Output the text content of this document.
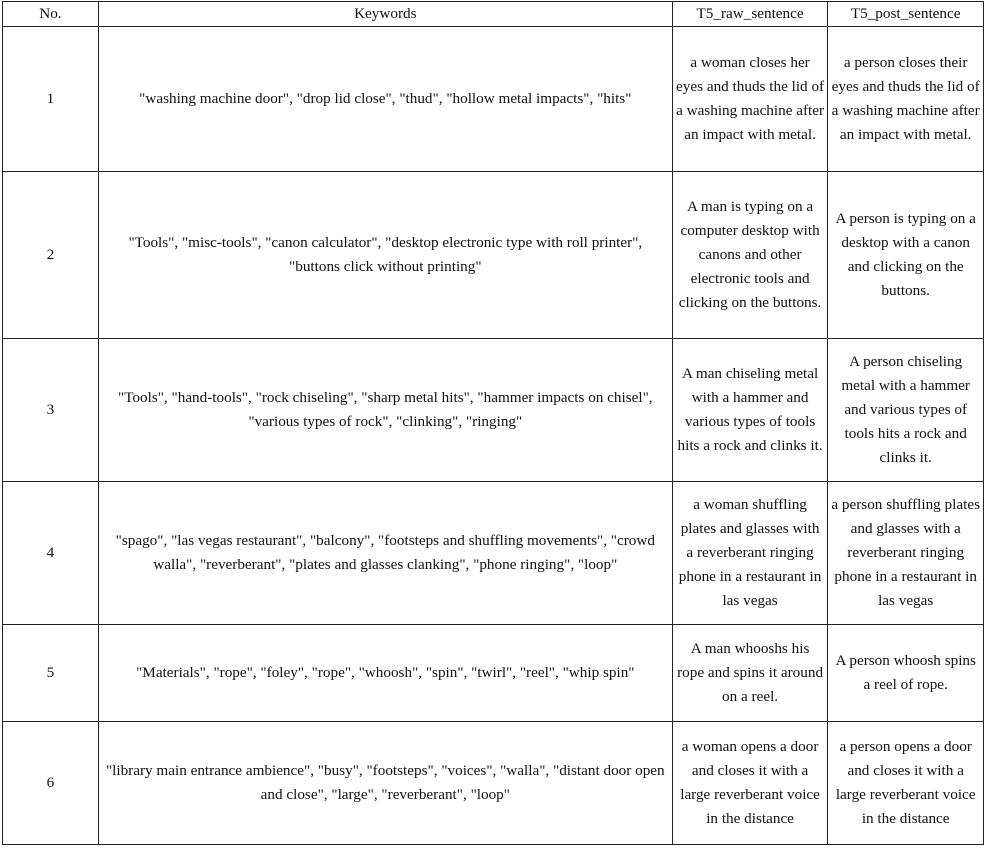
No.	Keywords	T5_raw_sentence	T5_post_sentence
1	"washing machine door", "drop lid close", "thud", "hollow metal impacts", "hits"	a woman closes her eyes and thuds the lid of a washing machine after an impact with metal.	a person closes their eyes and thuds the lid of a washing machine after an impact with metal.
2	"Tools", "misc-tools", "canon calculator", "desktop electronic type with roll printer", "buttons click without printing"	A man is typing on a computer desktop with canons and other electronic tools and clicking on the buttons.	A person is typing on a desktop with a canon and clicking on the buttons.
3	"Tools", "hand-tools", "rock chiseling", "sharp metal hits", "hammer impacts on chisel", "various types of rock", "clinking", "ringing"	A man chiseling metal with a hammer and various types of tools hits a rock and clinks it.	A person chiseling metal with a hammer and various types of tools hits a rock and clinks it.
4	"spago", "las vegas restaurant", "balcony", "footsteps and shuffling movements", "crowd walla", "reverberant", "plates and glasses clanking", "phone ringing", "loop"	a woman shuffling plates and glasses with a reverberant ringing phone in a restaurant in las vegas	a person shuffling plates and glasses with a reverberant ringing phone in a restaurant in las vegas
5	"Materials", "rope", "foley", "rope", "whoosh", "spin", "twirl", "reel", "whip spin"	A man whooshs his rope and spins it around on a reel.	A person whoosh spins a reel of rope.
6	"library main entrance ambience", "busy", "footsteps", "voices", "walla", "distant door open and close", "large", "reverberant", "loop"	a woman opens a door and closes it with a large reverberant voice in the distance	a person opens a door and closes it with a large reverberant voice in the distance
